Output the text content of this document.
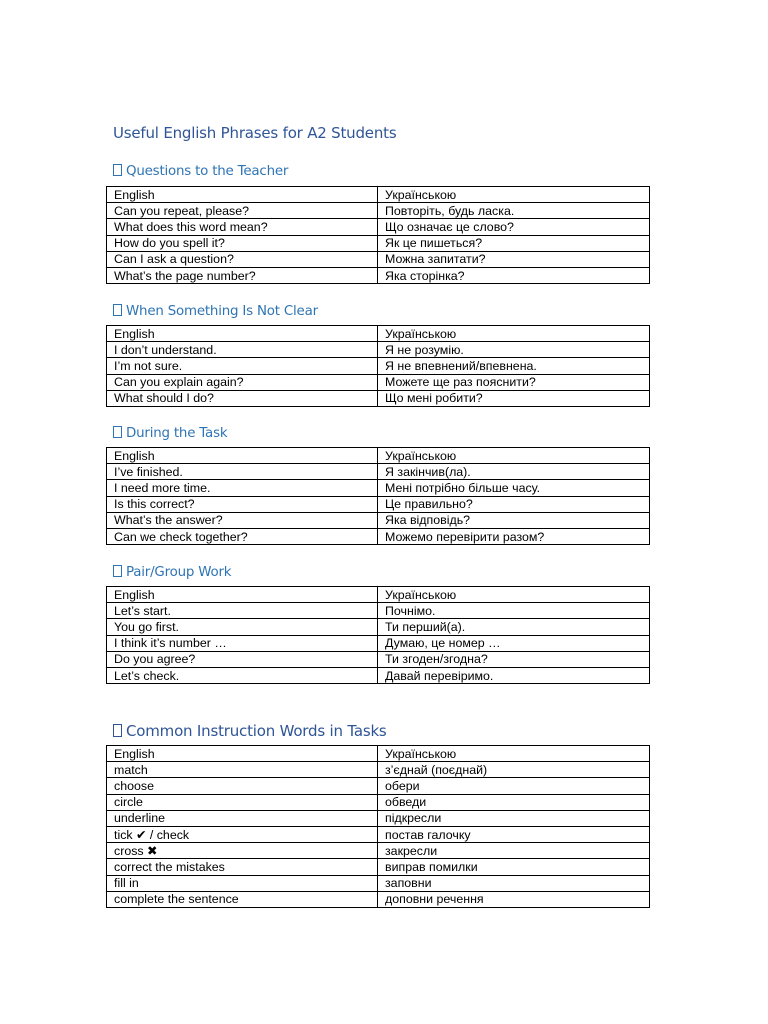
Useful English Phrases for A2 Students
Questions to the Teacher
English	Українською
Can you repeat, please?	Повторіть, будь ласка.
What does this word mean?	Що означає це слово?
How do you spell it?	Як це пишеться?
Can I ask a question?	Можна запитати?
What’s the page number?	Яка сторінка?
When Something Is Not Clear
English	Українською
I don’t understand.	Я не розумію.
I’m not sure.	Я не впевнений/впевнена.
Can you explain again?	Можете ще раз пояснити?
What should I do?	Що мені робити?
During the Task
English	Українською
I’ve finished.	Я закінчив(ла).
I need more time.	Мені потрібно більше часу.
Is this correct?	Це правильно?
What’s the answer?	Яка відповідь?
Can we check together?	Можемо перевірити разом?
Pair/Group Work
English	Українською
Let’s start.	Почнімо.
You go first.	Ти перший(а).
I think it’s number …	Думаю, це номер …
Do you agree?	Ти згоден/згодна?
Let’s check.	Давай перевіримо.
Common Instruction Words in Tasks
English	Українською
match	з’єднай (поєднай)
choose	обери
circle	обведи
underline	підкресли
tick ✔ / check	постав галочку
cross ✖	закресли
correct the mistakes	виправ помилки
fill in	заповни
complete the sentence	доповни речення
